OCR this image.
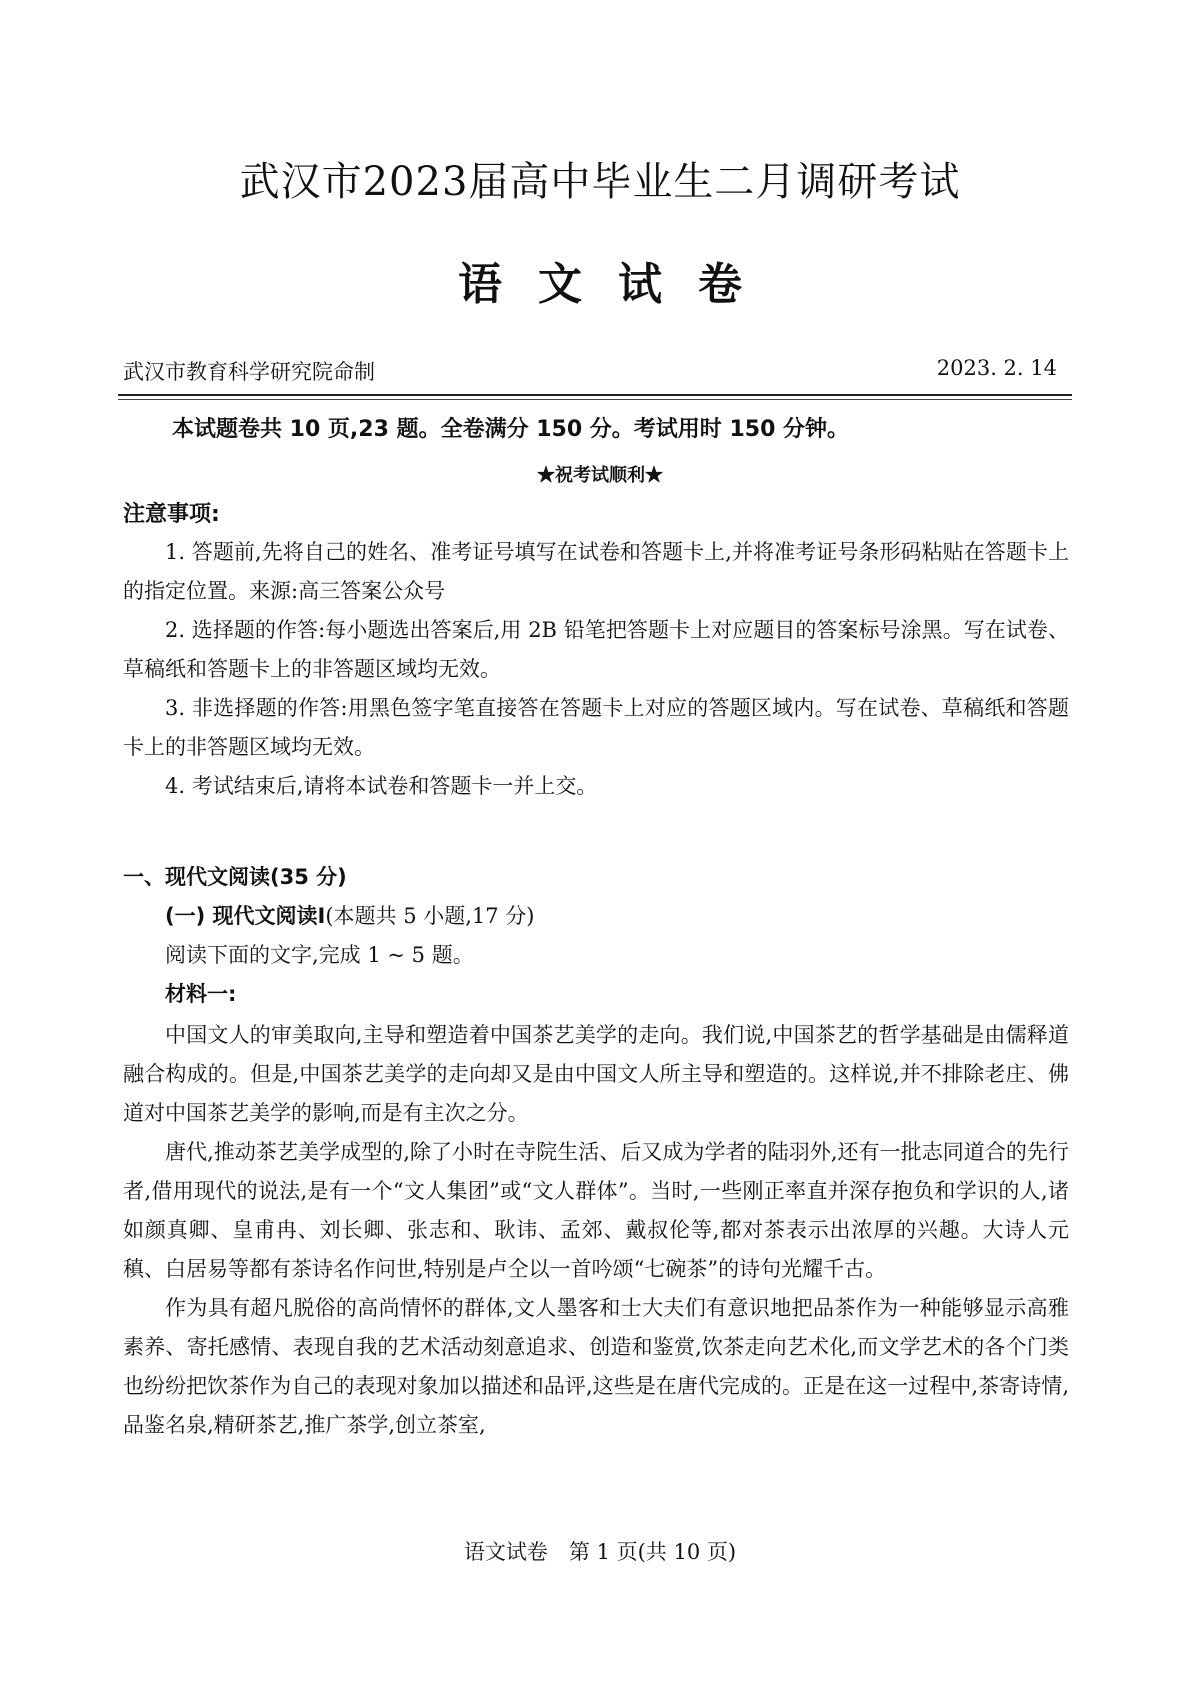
武汉市2023届高中毕业生二月调研考试
语文试卷
武汉市教育科学研究院命制	2023. 2. 14
本试题卷共 10 页,23 题。全卷满分 150 分。考试用时 150 分钟。
★祝考试顺利★
注意事项:

1. 答题前,先将自己的姓名、准考证号填写在试卷和答题卡上,并将准考证号条形码粘贴在答题卡上的指定位置。来源:高三答案公众号

2. 选择题的作答:每小题选出答案后,用 2B 铅笔把答题卡上对应题目的答案标号涂黑。写在试卷、草稿纸和答题卡上的非答题区域均无效。

3. 非选择题的作答:用黑色签字笔直接答在答题卡上对应的答题区域内。写在试卷、草稿纸和答题卡上的非答题区域均无效。

4. 考试结束后,请将本试卷和答题卡一并上交。

一、现代文阅读(35 分)
(一) 现代文阅读Ⅰ(本题共 5 小题,17 分)
阅读下面的文字,完成 1 ~ 5 题。
材料一:

中国文人的审美取向,主导和塑造着中国茶艺美学的走向。我们说,中国茶艺的哲学基础是由儒释道融合构成的。但是,中国茶艺美学的走向却又是由中国文人所主导和塑造的。这样说,并不排除老庄、佛道对中国茶艺美学的影响,而是有主次之分。

唐代,推动茶艺美学成型的,除了小时在寺院生活、后又成为学者的陆羽外,还有一批志同道合的先行者,借用现代的说法,是有一个“文人集团”或“文人群体”。当时,一些刚正率直并深存抱负和学识的人,诸如颜真卿、皇甫冉、刘长卿、张志和、耿讳、孟郊、戴叔伦等,都对茶表示出浓厚的兴趣。大诗人元稹、白居易等都有茶诗名作问世,特别是卢仝以一首吟颂“七碗茶”的诗句光耀千古。

作为具有超凡脱俗的高尚情怀的群体,文人墨客和士大夫们有意识地把品茶作为一种能够显示高雅素养、寄托感情、表现自我的艺术活动刻意追求、创造和鉴赏,饮茶走向艺术化,而文学艺术的各个门类也纷纷把饮茶作为自己的表现对象加以描述和品评,这些是在唐代完成的。正是在这一过程中,茶寄诗情,品鉴名泉,精研茶艺,推广茶学,创立茶室,

语文试卷　第 1 页(共 10 页)
